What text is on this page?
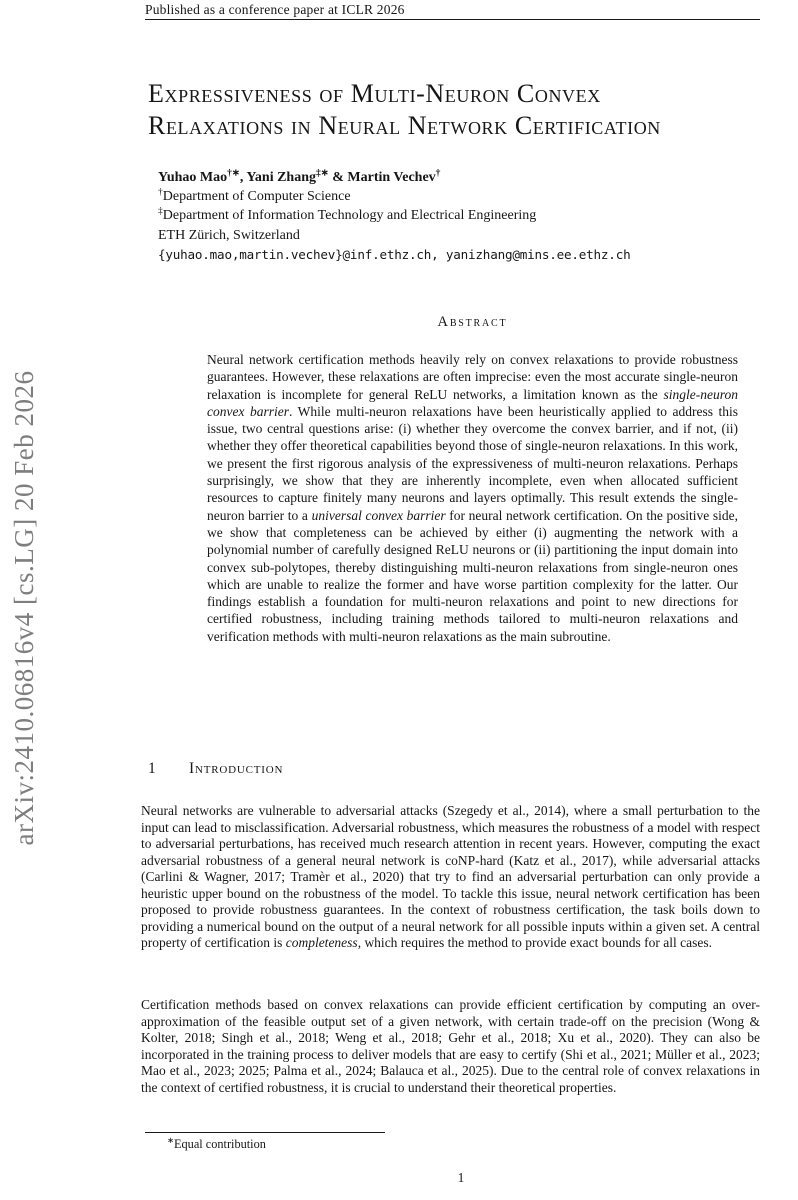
Published as a conference paper at ICLR 2026
arXiv:2410.06816v4 [cs.LG] 20 Feb 2026
Expressiveness of Multi-Neuron Convex
Relaxations in Neural Network Certification
Yuhao Mao†∗, Yani Zhang‡∗ & Martin Vechev†
†Department of Computer Science
‡Department of Information Technology and Electrical Engineering
ETH Zürich, Switzerland
{yuhao.mao,martin.vechev}@inf.ethz.ch, yanizhang@mins.ee.ethz.ch
Abstract
Neural network certification methods heavily rely on convex relaxations to provide robustness guarantees. However, these relaxations are often imprecise: even the most accurate single-neuron relaxation is incomplete for general ReLU networks, a limitation known as the single-neuron convex barrier. While multi-neuron relaxations have been heuristically applied to address this issue, two central questions arise: (i) whether they overcome the convex barrier, and if not, (ii) whether they offer theoretical capabilities beyond those of single-neuron relaxations. In this work, we present the first rigorous analysis of the expressiveness of multi-neuron relaxations. Perhaps surprisingly, we show that they are inherently incomplete, even when allocated sufficient resources to capture finitely many neurons and layers optimally. This result extends the single-neuron barrier to a universal convex barrier for neural network certification. On the positive side, we show that completeness can be achieved by either (i) augmenting the network with a polynomial number of carefully designed ReLU neurons or (ii) partitioning the input domain into convex sub-polytopes, thereby distinguishing multi-neuron relaxations from single-neuron ones which are unable to realize the former and have worse partition complexity for the latter. Our findings establish a foundation for multi-neuron relaxations and point to new directions for certified robustness, including training methods tailored to multi-neuron relaxations and verification methods with multi-neuron relaxations as the main subroutine.
1 Introduction
Neural networks are vulnerable to adversarial attacks (Szegedy et al., 2014), where a small perturbation to the input can lead to misclassification. Adversarial robustness, which measures the robustness of a model with respect to adversarial perturbations, has received much research attention in recent years. However, computing the exact adversarial robustness of a general neural network is coNP-hard (Katz et al., 2017), while adversarial attacks (Carlini & Wagner, 2017; Tramèr et al., 2020) that try to find an adversarial perturbation can only provide a heuristic upper bound on the robustness of the model. To tackle this issue, neural network certification has been proposed to provide robustness guarantees. In the context of robustness certification, the task boils down to providing a numerical bound on the output of a neural network for all possible inputs within a given set. A central property of certification is completeness, which requires the method to provide exact bounds for all cases.
Certification methods based on convex relaxations can provide efficient certification by computing an over-approximation of the feasible output set of a given network, with certain trade-off on the precision (Wong & Kolter, 2018; Singh et al., 2018; Weng et al., 2018; Gehr et al., 2018; Xu et al., 2020). They can also be incorporated in the training process to deliver models that are easy to certify (Shi et al., 2021; Müller et al., 2023; Mao et al., 2023; 2025; Palma et al., 2024; Balauca et al., 2025). Due to the central role of convex relaxations in the context of certified robustness, it is crucial to understand their theoretical properties.
∗Equal contribution
1
